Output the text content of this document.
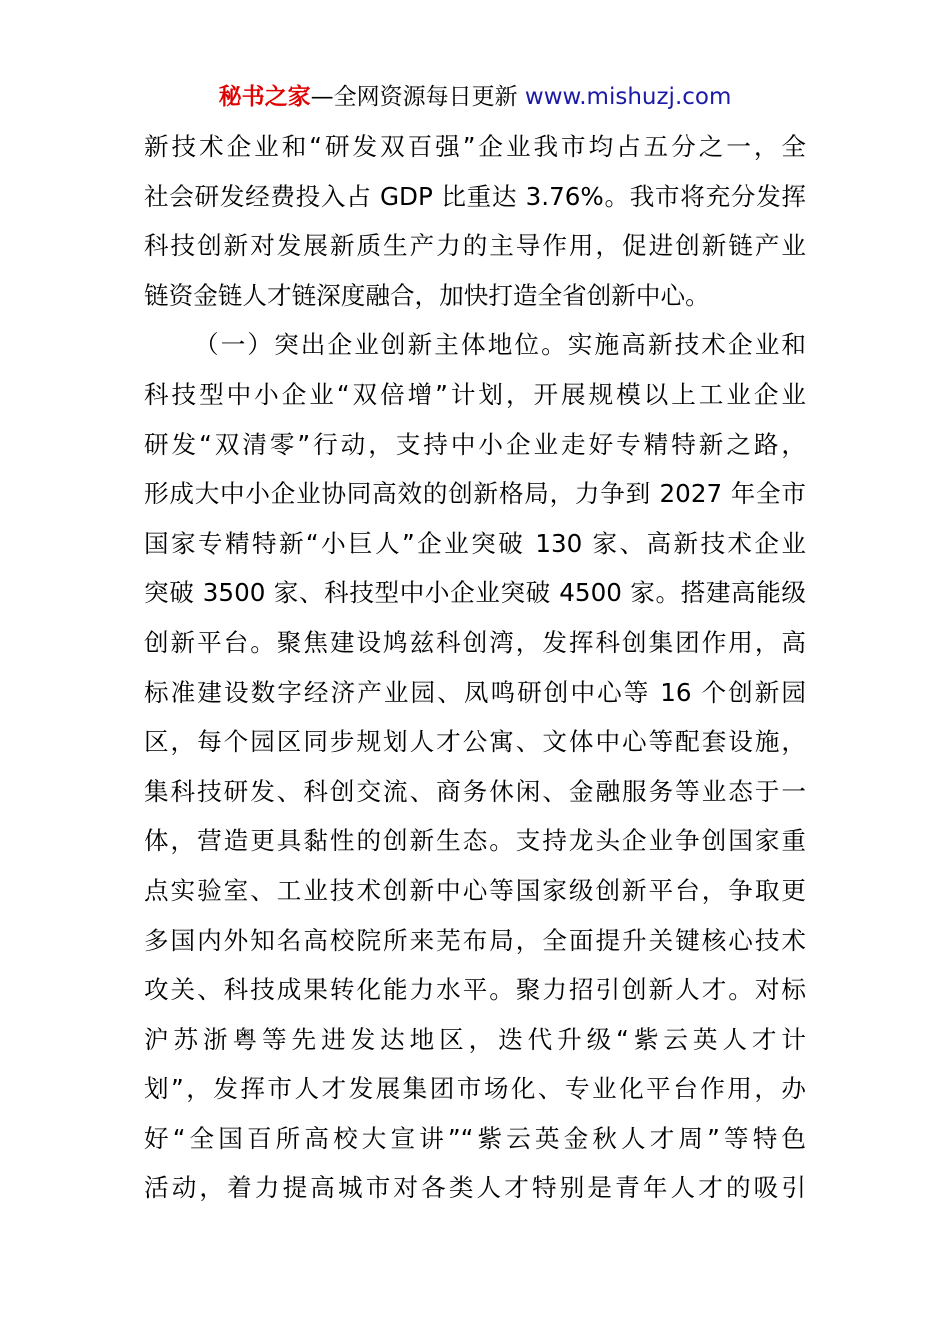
秘书之家—全网资源每日更新 www.mishuzj.com
新技术企业和“研发双百强”企业我市均占五分之一，全
社会研发经费投入占 GDP 比重达 3.76%。我市将充分发挥
科技创新对发展新质生产力的主导作用，促进创新链产业
链资金链人才链深度融合，加快打造全省创新中心。
（一）突出企业创新主体地位。实施高新技术企业和
科技型中小企业“双倍增”计划，开展规模以上工业企业
研发“双清零”行动，支持中小企业走好专精特新之路，
形成大中小企业协同高效的创新格局，力争到 2027 年全市
国家专精特新“小巨人”企业突破 130 家、高新技术企业
突破 3500 家、科技型中小企业突破 4500 家。搭建高能级
创新平台。聚焦建设鸠兹科创湾，发挥科创集团作用，高
标准建设数字经济产业园、凤鸣研创中心等 16 个创新园
区，每个园区同步规划人才公寓、文体中心等配套设施，
集科技研发、科创交流、商务休闲、金融服务等业态于一
体，营造更具黏性的创新生态。支持龙头企业争创国家重
点实验室、工业技术创新中心等国家级创新平台，争取更
多国内外知名高校院所来芜布局，全面提升关键核心技术
攻关、科技成果转化能力水平。聚力招引创新人才。对标
沪苏浙粤等先进发达地区，迭代升级“紫云英人才计
划”，发挥市人才发展集团市场化、专业化平台作用，办
好“全国百所高校大宣讲”“紫云英金秋人才周”等特色
活动，着力提高城市对各类人才特别是青年人才的吸引
